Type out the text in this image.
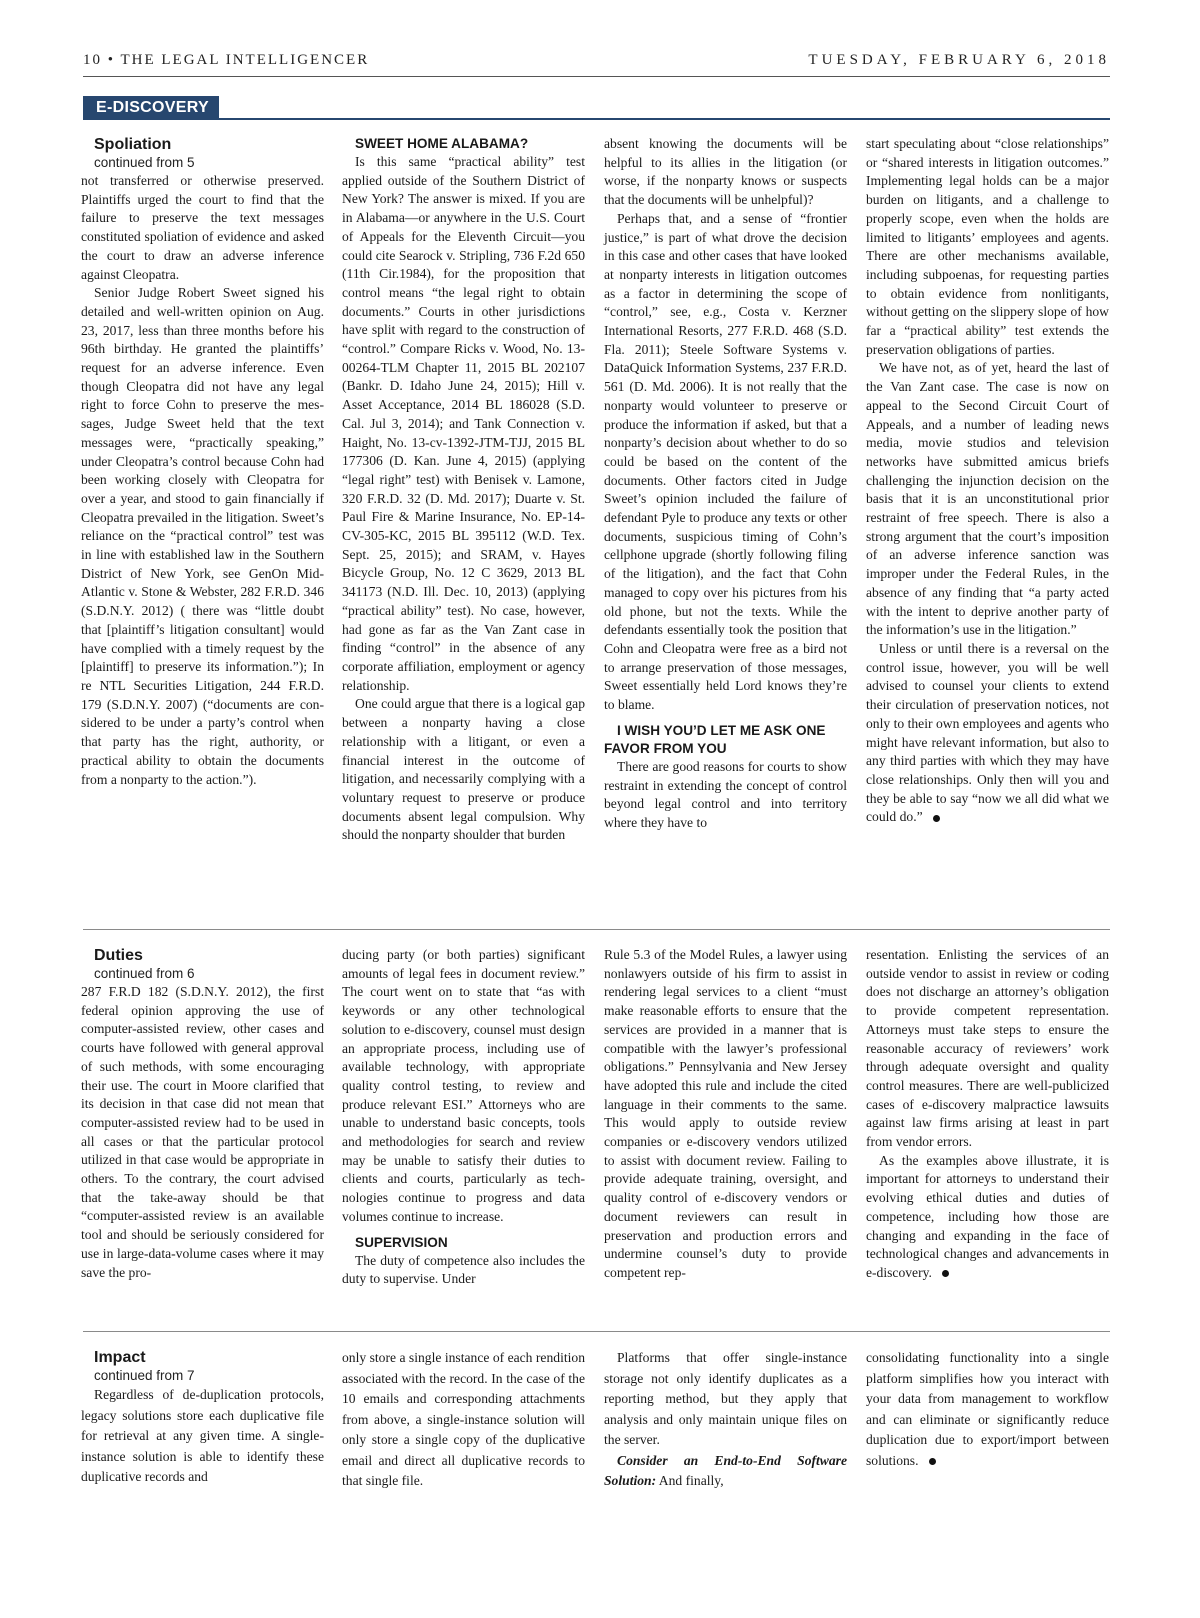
10 • THE LEGAL INTELLIGENCER	TUESDAY, FEBRUARY 6, 2018
E-DISCOVERY

Spoliation

continued from 5

not transferred or otherwise preserved. Plaintiffs urged the court to find that the failure to preserve the text messages constituted spoliation of evidence and asked the court to draw an adverse inference against Cleopatra.

Senior Judge Robert Sweet signed his detailed and well-written opinion on Aug. 23, 2017, less than three months before his 96th birthday. He granted the plaintiffs’ request for an adverse inference. Even though Cleopatra did not have any legal right to force Cohn to preserve the messages, Judge Sweet held that the text messages were, “practically speaking,” under Cleopatra’s control because Cohn had been working closely with Cleopatra for over a year, and stood to gain financially if Cleopatra prevailed in the litigation. Sweet’s reliance on the “practical control” test was in line with established law in the Southern District of New York, see GenOn Mid-Atlantic v. Stone & Webster, 282 F.R.D. 346 (S.D.N.Y. 2012) ( there was “little doubt that [plaintiff’s litigation consultant] would have complied with a timely request by the [plaintiff] to preserve its information.”); In re NTL Securities Litigation, 244 F.R.D. 179 (S.D.N.Y. 2007) (“documents are considered to be under a party’s control when that party has the right, authority, or practical ability to obtain the documents from a nonparty to the action.”).

SWEET HOME ALABAMA?

Is this same “practical ability” test applied outside of the Southern District of New York? The answer is mixed. If you are in Alabama—or anywhere in the U.S. Court of Appeals for the Eleventh Circuit—you could cite Searock v. Stripling, 736 F.2d 650 (11th Cir.1984), for the proposition that control means “the legal right to obtain documents.” Courts in other jurisdictions have split with regard to the construction of “control.” Compare Ricks v. Wood, No. 13-00264-TLM Chapter 11, 2015 BL 202107 (Bankr. D. Idaho June 24, 2015); Hill v. Asset Acceptance, 2014 BL 186028 (S.D. Cal. Jul 3, 2014); and Tank Connection v. Haight, No. 13-cv-1392-JTM-TJJ, 2015 BL 177306 (D. Kan. June 4, 2015) (applying “legal right” test) with Benisek v. Lamone, 320 F.R.D. 32 (D. Md. 2017); Duarte v. St. Paul Fire & Marine Insurance, No. EP-14-CV-305-KC, 2015 BL 395112 (W.D. Tex. Sept. 25, 2015); and SRAM, v. Hayes Bicycle Group, No. 12 C 3629, 2013 BL 341173 (N.D. Ill. Dec. 10, 2013) (applying “practical ability” test). No case, however, had gone as far as the Van Zant case in finding “control” in the absence of any corporate affiliation, employment or agency relationship.

One could argue that there is a logical gap between a nonparty having a close relationship with a litigant, or even a financial interest in the outcome of litigation, and necessarily complying with a voluntary request to preserve or produce documents absent legal compulsion. Why should the nonparty shoulder that burden

absent knowing the documents will be helpful to its allies in the litigation (or worse, if the nonparty knows or suspects that the documents will be unhelpful)?

Perhaps that, and a sense of “frontier justice,” is part of what drove the decision in this case and other cases that have looked at nonparty interests in litigation outcomes as a factor in determining the scope of “control,” see, e.g., Costa v. Kerzner International Resorts, 277 F.R.D. 468 (S.D. Fla. 2011); Steele Software Systems v. DataQuick Information Systems, 237 F.R.D. 561 (D. Md. 2006). It is not really that the nonparty would volunteer to preserve or produce the information if asked, but that a nonparty’s decision about whether to do so could be based on the content of the documents. Other factors cited in Judge Sweet’s opinion included the failure of defendant Pyle to produce any texts or other documents, suspicious timing of Cohn’s cellphone upgrade (shortly following filing of the litigation), and the fact that Cohn managed to copy over his pictures from his old phone, but not the texts. While the defendants essentially took the position that Cohn and Cleopatra were free as a bird not to arrange preservation of those messages, Sweet essentially held Lord knows they’re to blame.

I WISH YOU’D LET ME ASK ONE FAVOR FROM YOU

There are good reasons for courts to show restraint in extending the concept of control beyond legal control and into territory where they have to

start speculating about “close relationships” or “shared interests in litigation outcomes.” Implementing legal holds can be a major burden on litigants, and a challenge to properly scope, even when the holds are limited to litigants’ employees and agents. There are other mechanisms available, including subpoenas, for requesting parties to obtain evidence from nonlitigants, without getting on the slippery slope of how far a “practical ability” test extends the preservation obligations of parties.

We have not, as of yet, heard the last of the Van Zant case. The case is now on appeal to the Second Circuit Court of Appeals, and a number of leading news media, movie studios and television networks have submitted amicus briefs challenging the injunction decision on the basis that it is an unconstitutional prior restraint of free speech. There is also a strong argument that the court’s imposition of an adverse inference sanction was improper under the Federal Rules, in the absence of any finding that “a party acted with the intent to deprive another party of the information’s use in the litigation.”

Unless or until there is a reversal on the control issue, however, you will be well advised to counsel your clients to extend their circulation of preservation notices, not only to their own employees and agents who might have relevant information, but also to any third parties with which they may have close relationships. Only then will you and they be able to say “now we all did what we could do.”

Duties

continued from 6

287 F.R.D 182 (S.D.N.Y. 2012), the first federal opinion approving the use of computer-assisted review, other cases and courts have followed with general approval of such methods, with some encouraging their use. The court in Moore clarified that its decision in that case did not mean that computer-assisted review had to be used in all cases or that the particular protocol utilized in that case would be appropriate in others. To the contrary, the court advised that the take-away should be that “computer-assisted review is an available tool and should be seriously considered for use in large-data-volume cases where it may save the pro-

ducing party (or both parties) significant amounts of legal fees in document review.” The court went on to state that “as with keywords or any other technological solution to e-discovery, counsel must design an appropriate process, including use of available technology, with appropriate quality control testing, to review and produce relevant ESI.” Attorneys who are unable to understand basic concepts, tools and methodologies for search and review may be unable to satisfy their duties to clients and courts, particularly as technologies continue to progress and data volumes continue to increase.

SUPERVISION

The duty of competence also includes the duty to supervise. Under

Rule 5.3 of the Model Rules, a lawyer using nonlawyers outside of his firm to assist in rendering legal services to a client “must make reasonable efforts to ensure that the services are provided in a manner that is compatible with the lawyer’s professional obligations.” Pennsylvania and New Jersey have adopted this rule and include the cited language in their comments to the same. This would apply to outside review companies or e-discovery vendors utilized to assist with document review. Failing to provide adequate training, oversight, and quality control of e-discovery vendors or document reviewers can result in preservation and production errors and undermine counsel’s duty to provide competent rep-

resentation. Enlisting the services of an outside vendor to assist in review or coding does not discharge an attorney’s obligation to provide competent representation. Attorneys must take steps to ensure the reasonable accuracy of reviewers’ work through adequate oversight and quality control measures. There are well-publicized cases of e-discovery malpractice lawsuits against law firms arising at least in part from vendor errors.

As the examples above illustrate, it is important for attorneys to understand their evolving ethical duties and duties of competence, including how those are changing and expanding in the face of technological changes and advancements in e-discovery.

Impact

continued from 7

Regardless of de-duplication protocols, legacy solutions store each duplicative file for retrieval at any given time. A single-instance solution is able to identify these duplicative records and

only store a single instance of each rendition associated with the record. In the case of the 10 emails and corresponding attachments from above, a single-instance solution will only store a single copy of the duplicative email and direct all duplicative records to that single file.

Platforms that offer single-instance storage not only identify duplicates as a reporting method, but they apply that analysis and only maintain unique files on the server.

Consider an End-to-End Software Solution: And finally,

consolidating functionality into a single platform simplifies how you interact with your data from management to workflow and can eliminate or significantly reduce duplication due to export/import between solutions.
